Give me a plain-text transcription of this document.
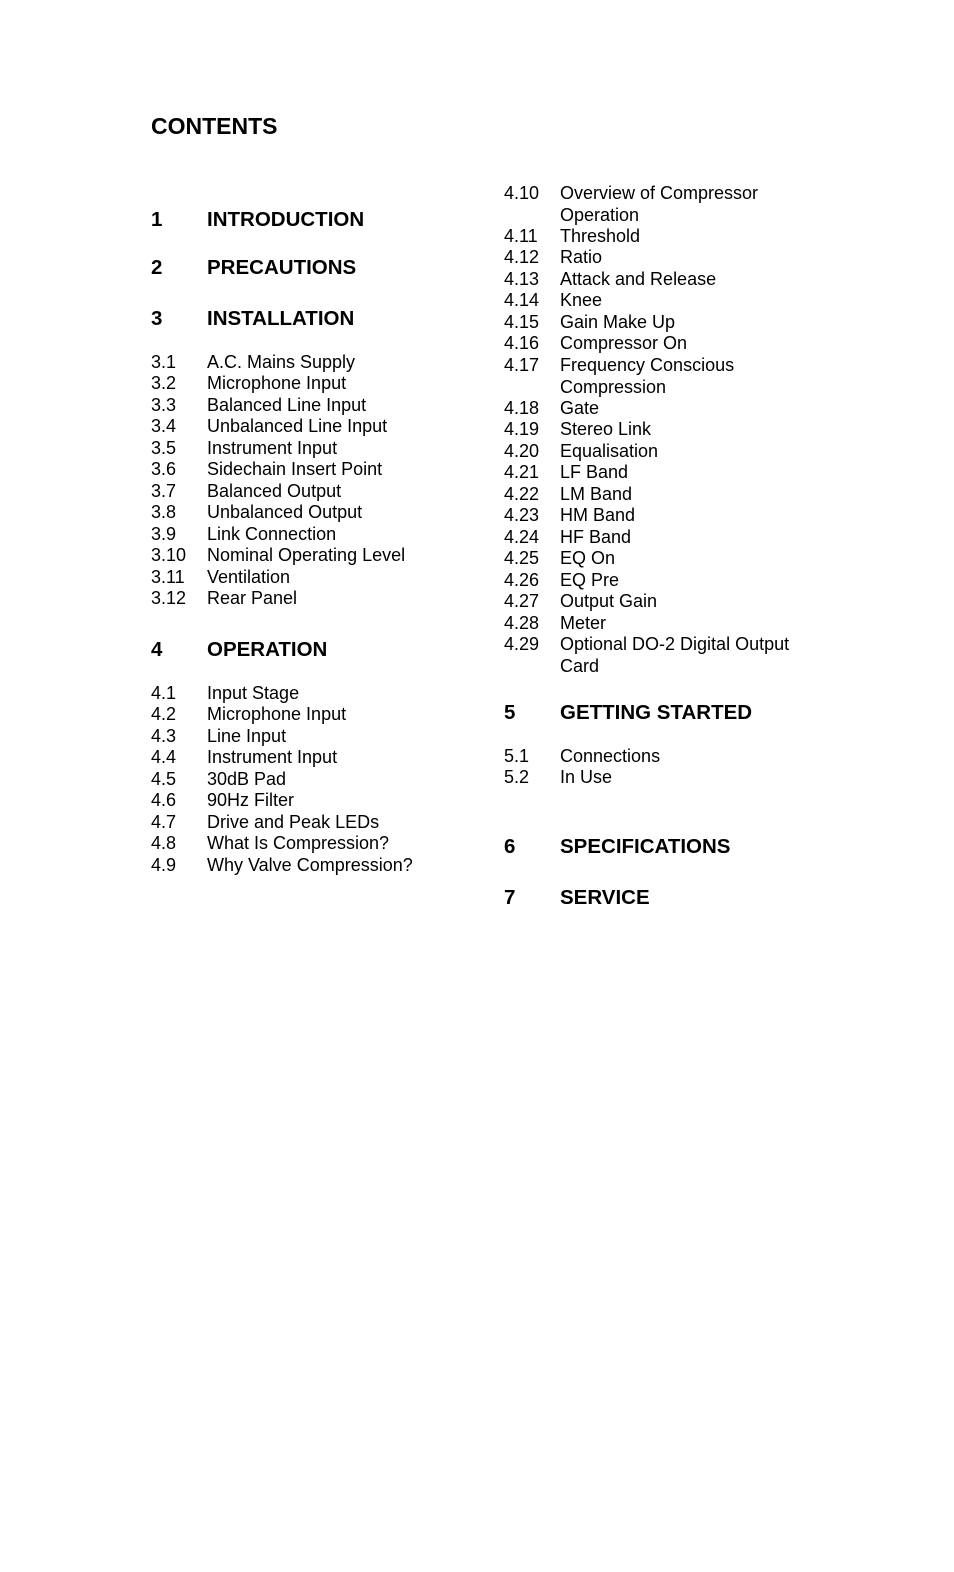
CONTENTS
1	INTRODUCTION
2	PRECAUTIONS
3	INSTALLATION
3.1	A.C. Mains Supply
3.2	Microphone Input
3.3	Balanced Line Input
3.4	Unbalanced Line Input
3.5	Instrument Input
3.6	Sidechain Insert Point
3.7	Balanced Output
3.8	Unbalanced Output
3.9	Link Connection
3.10	Nominal Operating Level
3.11	Ventilation
3.12	Rear Panel
4	OPERATION
4.1	Input Stage
4.2	Microphone Input
4.3	Line Input
4.4	Instrument Input
4.5	30dB Pad
4.6	90Hz Filter
4.7	Drive and Peak LEDs
4.8	What Is Compression?
4.9	Why Valve Compression?
4.10	Overview of Compressor Operation
4.11	Threshold
4.12	Ratio
4.13	Attack and Release
4.14	Knee
4.15	Gain Make Up
4.16	Compressor On
4.17	Frequency Conscious Compression
4.18	Gate
4.19	Stereo Link
4.20	Equalisation
4.21	LF Band
4.22	LM Band
4.23	HM Band
4.24	HF Band
4.25	EQ On
4.26	EQ Pre
4.27	Output Gain
4.28	Meter
4.29	Optional DO-2 Digital Output Card
5	GETTING STARTED
5.1	Connections
5.2	In Use
6	SPECIFICATIONS
7	SERVICE
